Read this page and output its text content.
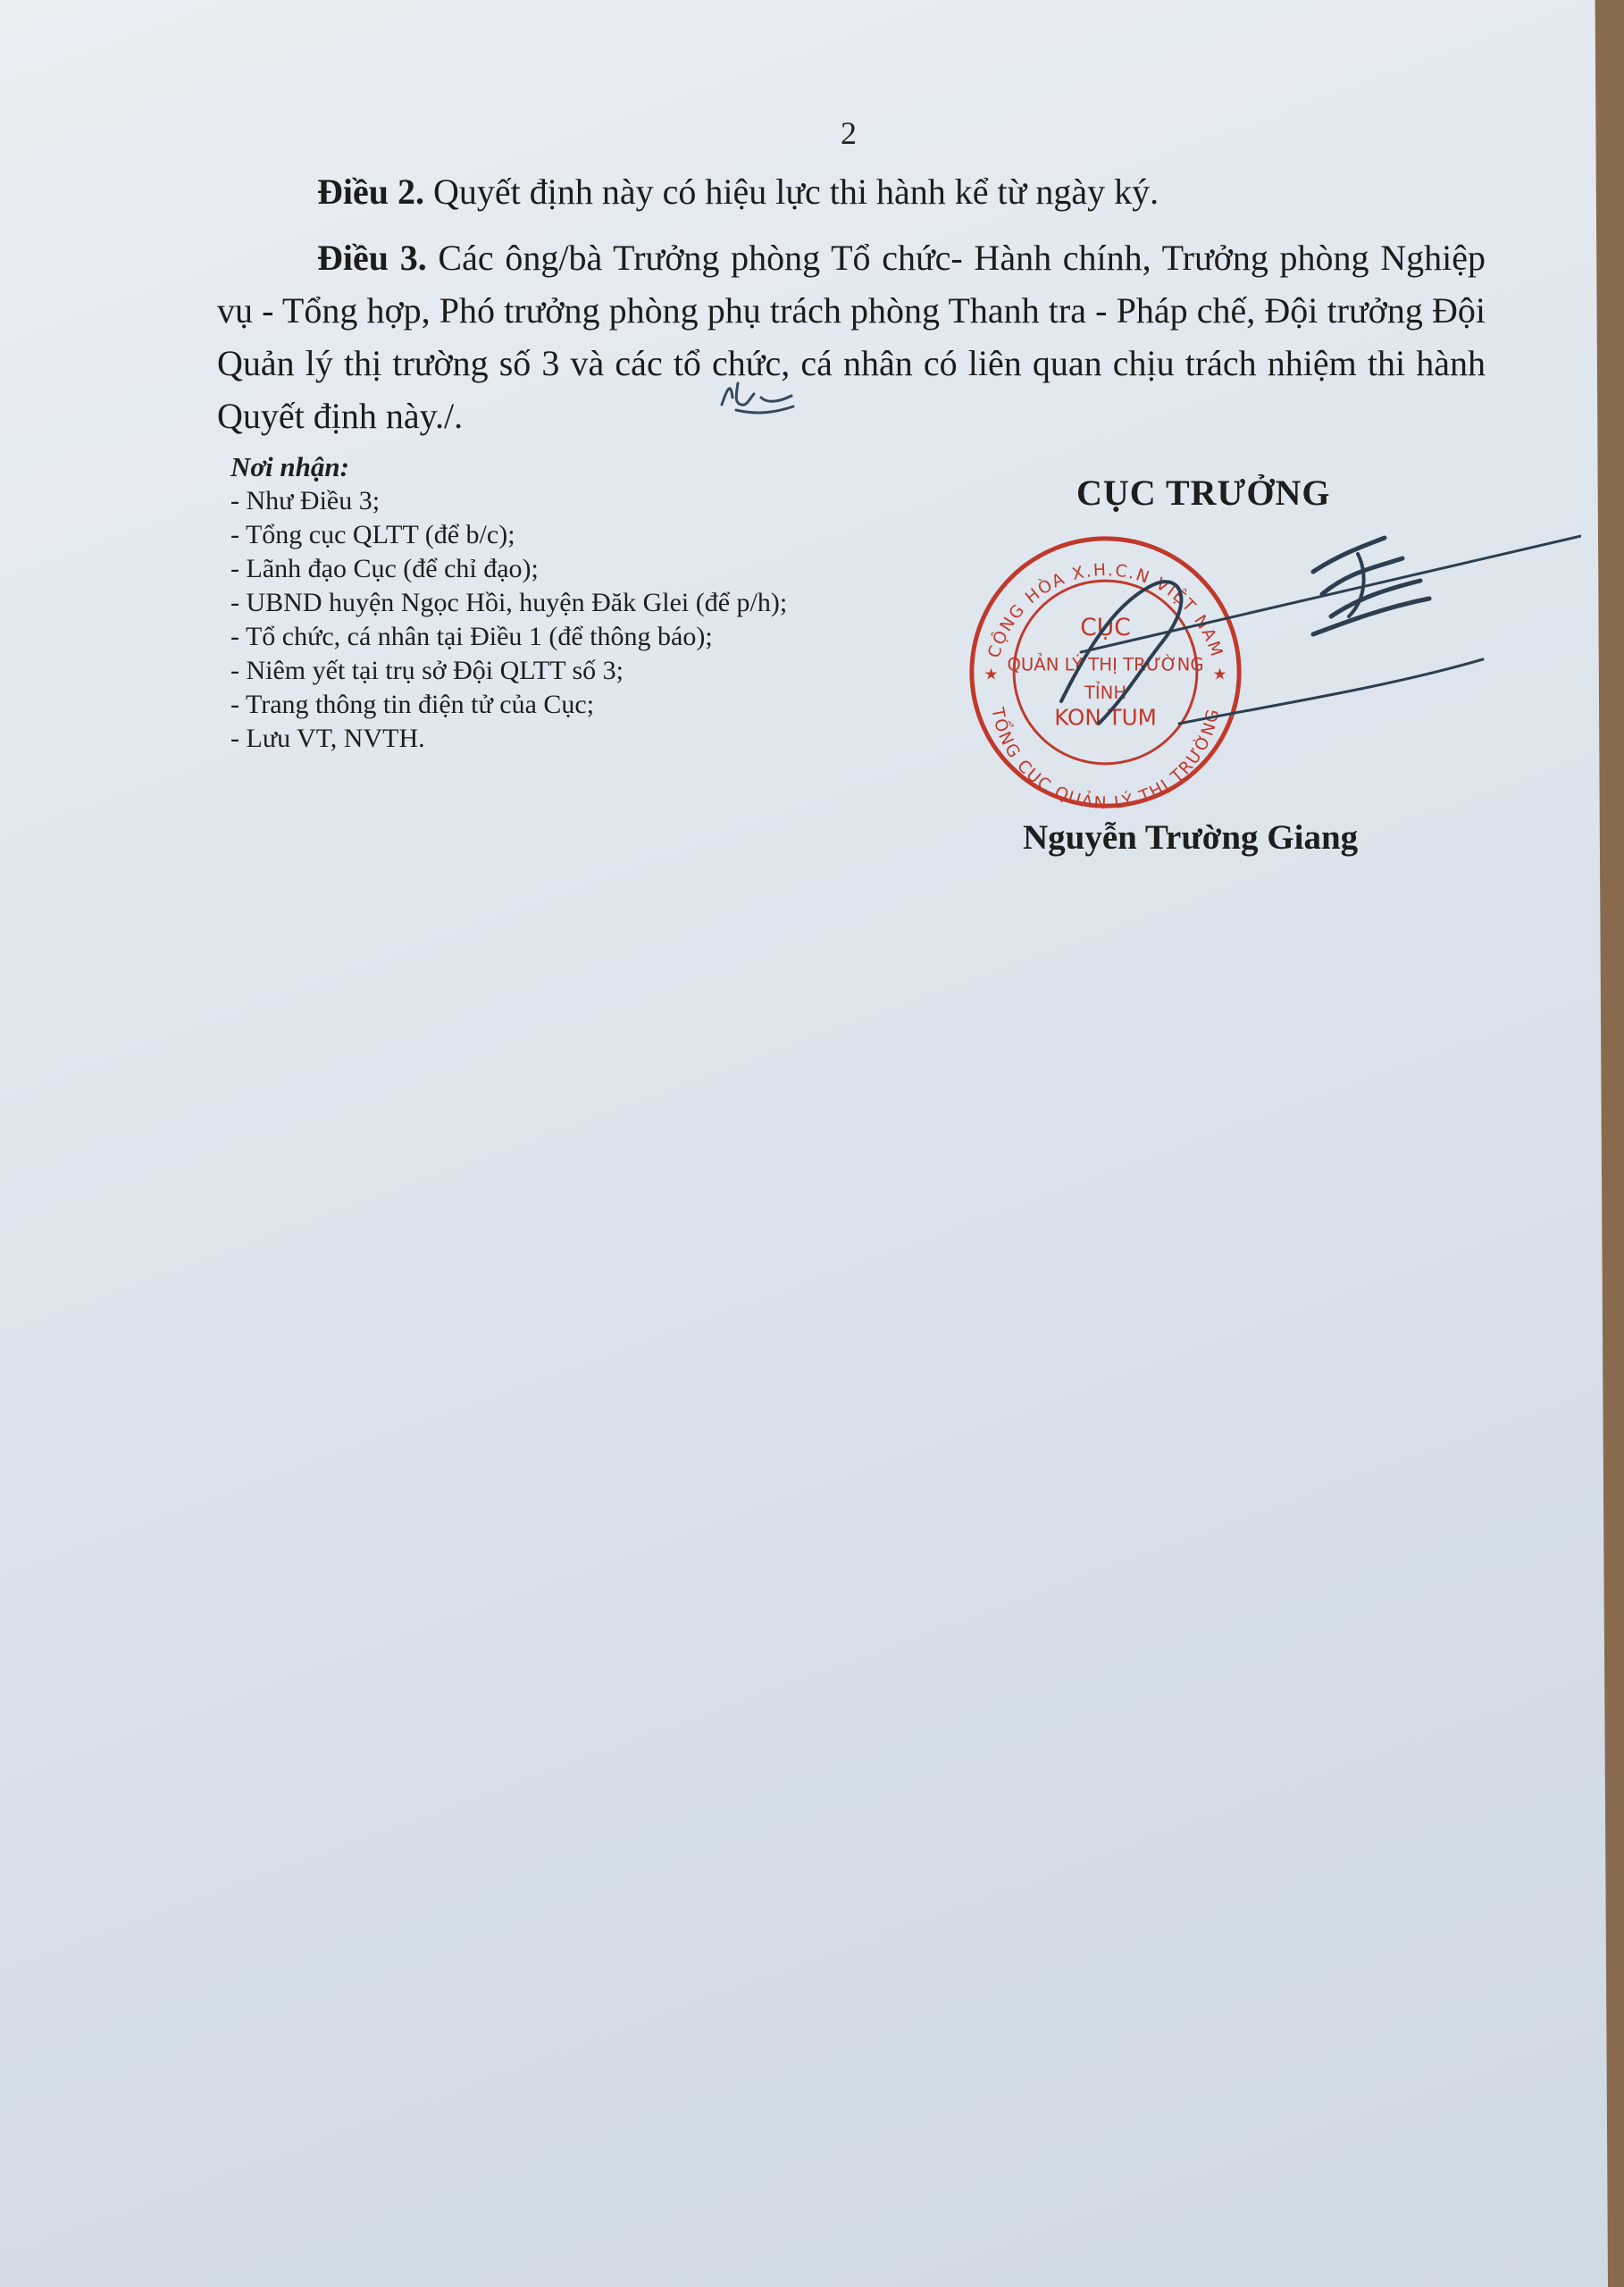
2
Điều 2. Quyết định này có hiệu lực thi hành kể từ ngày ký.
Điều 3. Các ông/bà Trưởng phòng Tổ chức- Hành chính, Trưởng phòng Nghiệp vụ - Tổng hợp, Phó trưởng phòng phụ trách phòng Thanh tra - Pháp chế, Đội trưởng Đội Quản lý thị trường số 3 và các tổ chức, cá nhân có liên quan chịu trách nhiệm thi hành Quyết định này./.
Nơi nhận:
- Như Điều 3;
- Tổng cục QLTT (để b/c);
- Lãnh đạo Cục (để chỉ đạo);
- UBND huyện Ngọc Hồi, huyện Đăk Glei (để p/h);
- Tổ chức, cá nhân tại Điều 1 (để thông báo);
- Niêm yết tại trụ sở Đội QLTT số 3;
- Trang thông tin điện tử của Cục;
- Lưu VT, NVTH.
CỤC TRƯỞNG
CỘNG HÒA X.H.C.N VIỆT NAM
TỔNG CỤC QUẢN LÝ THỊ TRƯỜNG
★	★
CỤC
QUẢN LÝ THỊ TRƯỜNG
TỈNH
KON TUM
Nguyễn Trường Giang
